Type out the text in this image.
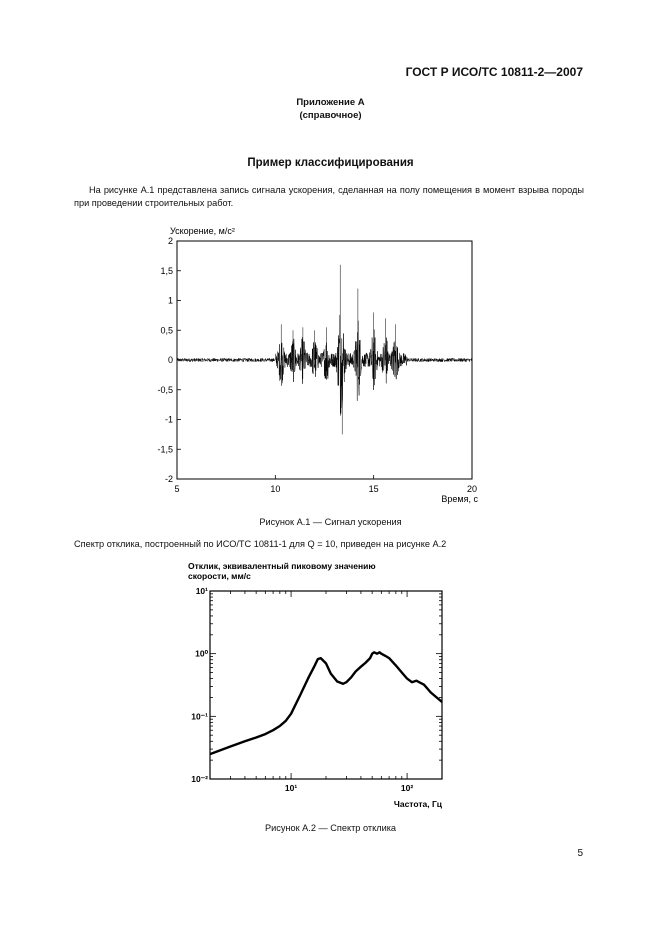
ГОСТ Р ИСО/ТС 10811-2—2007
Приложение А
(справочное)
Пример классифицирования
На рисунке А.1 представлена запись сигнала ускорения, сделанная на полу помещения в момент взрыва породы при проведении строительных работ.
Ускорение, м/с²
2
1,5
1
0,5
0
-0,5
-1
-1,5
-2
5	10	15	20
Время, с
Рисунок А.1 — Сигнал ускорения
Спектр отклика, построенный по ИСО/ТС 10811-1 для Q = 10, приведен на рисунке А.2
Отклик, эквивалентный пиковому значению
скорости, мм/с
10¹
10⁰
10⁻¹
10⁻²
10¹	10²
Частота, Гц
Рисунок А.2 — Спектр отклика
5
